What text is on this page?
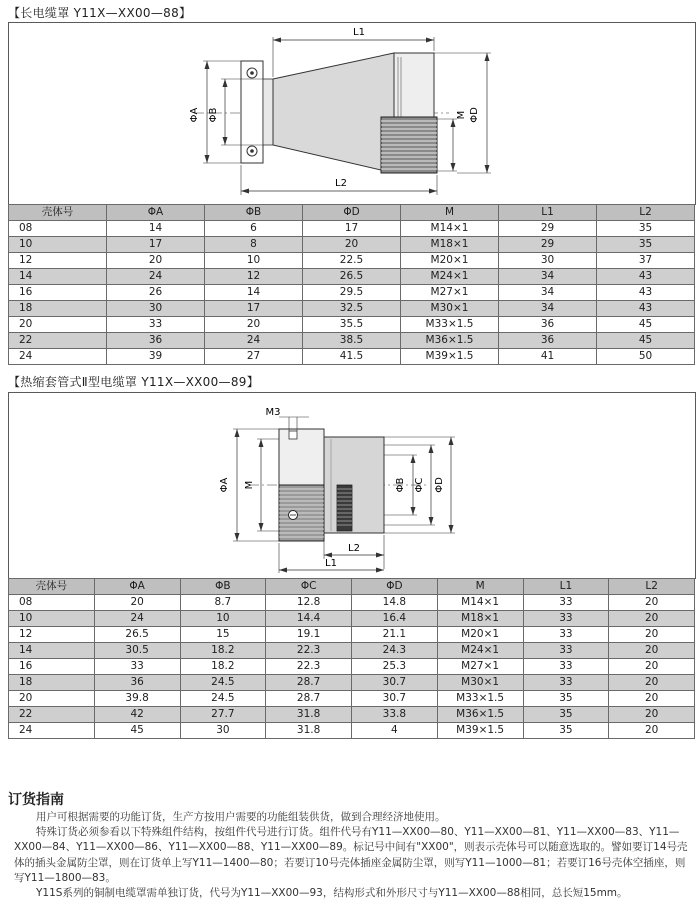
【长电缆罩 Y11X—XX00—88】
L1
L2
ΦA ΦB	M ΦD
壳体号	ΦA	ΦB	ΦD	M	L1	L2
08	14	6	17	M14×1	29	35
10	17	8	20	M18×1	29	35
12	20	10	22.5	M20×1	30	37
14	24	12	26.5	M24×1	34	43
16	26	14	29.5	M27×1	34	43
18	30	17	32.5	M30×1	34	43
20	33	20	35.5	M33×1.5	36	45
22	36	24	38.5	M36×1.5	36	45
24	39	27	41.5	M39×1.5	41	50
【热缩套管式Ⅱ型电缆罩 Y11X—XX00—89】
M3
ΦA M	ΦB ΦC ΦD
L2
L1
壳体号	ΦA	ΦB	ΦC	ΦD	M	L1	L2
08	20	8.7	12.8	14.8	M14×1	33	20
10	24	10	14.4	16.4	M18×1	33	20
12	26.5	15	19.1	21.1	M20×1	33	20
14	30.5	18.2	22.3	24.3	M24×1	33	20
16	33	18.2	22.3	25.3	M27×1	33	20
18	36	24.5	28.7	30.7	M30×1	33	20
20	39.8	24.5	28.7	30.7	M33×1.5	35	20
22	42	27.7	31.8	33.8	M36×1.5	35	20
24	45	30	31.8	4	M39×1.5	35	20
订货指南

用户可根据需要的功能订货，生产方按用户需要的功能组装供货，做到合理经济地使用。

特殊订货必须参看以下特殊组件结构，按组件代号进行订货。组件代号有Y11—XX00—80、Y11—XX00—81、Y11—XX00—83、Y11—XX00—84、Y11—XX00—86、Y11—XX00—88、Y11—XX00—89。标记号中间有"XX00"，则表示壳体号可以随意选取的。譬如要订14号壳体的插头金属防尘罩，则在订货单上写Y11—1400—80；若要订10号壳体插座金属防尘罩，则写Y11—1000—81；若要订16号壳体空插座，则写Y11—1800—83。

Y11S系列的铜制电缆罩需单独订货，代号为Y11—XX00—93，结构形式和外形尺寸与Y11—XX00—88相同，总长短15mm。
